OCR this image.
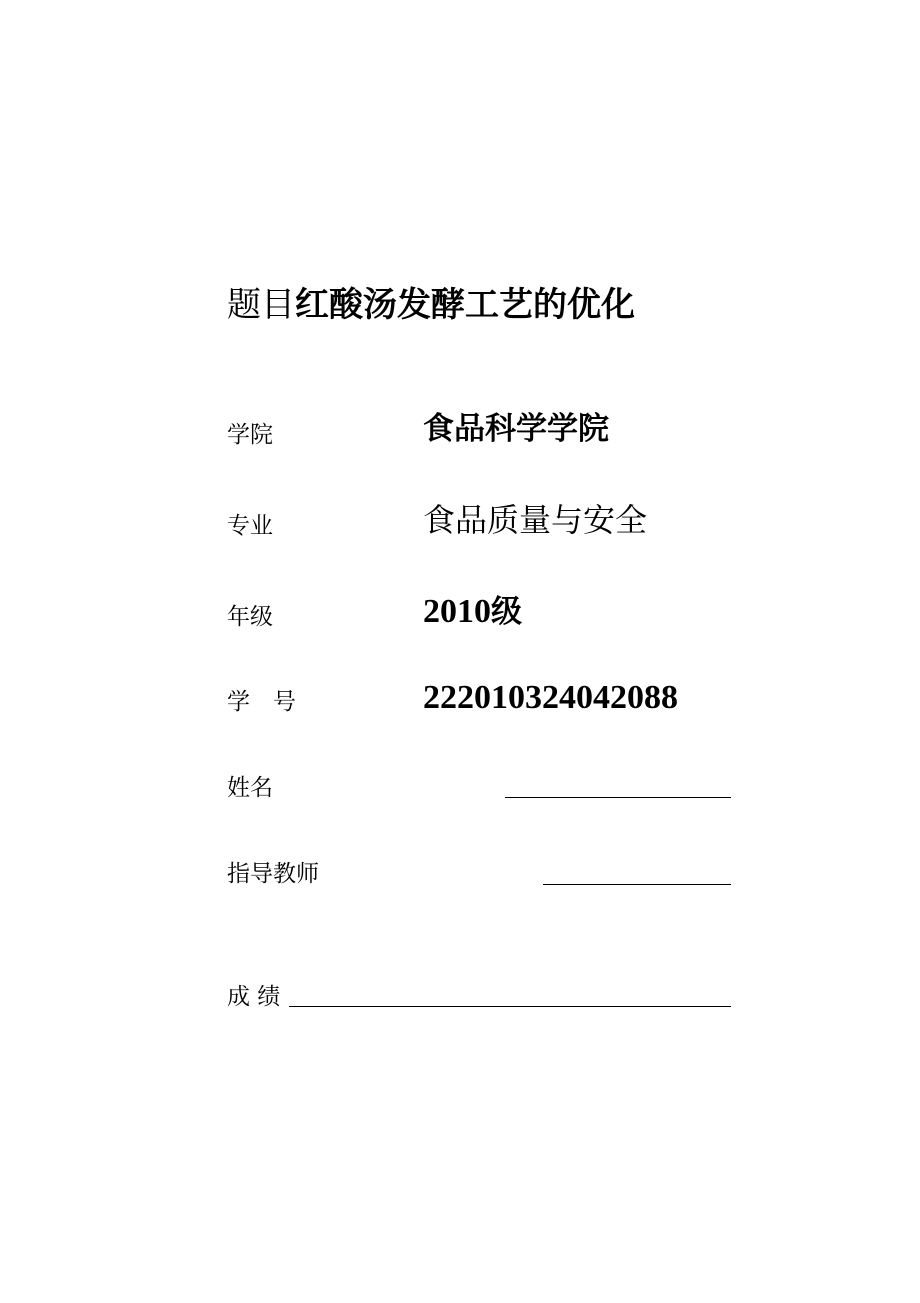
题目红酸汤发酵工艺的优化
学院	食品科学学院
专业	食品质量与安全
年级	2010级
学　号	222010324042088
姓名
指导教师
成 绩
